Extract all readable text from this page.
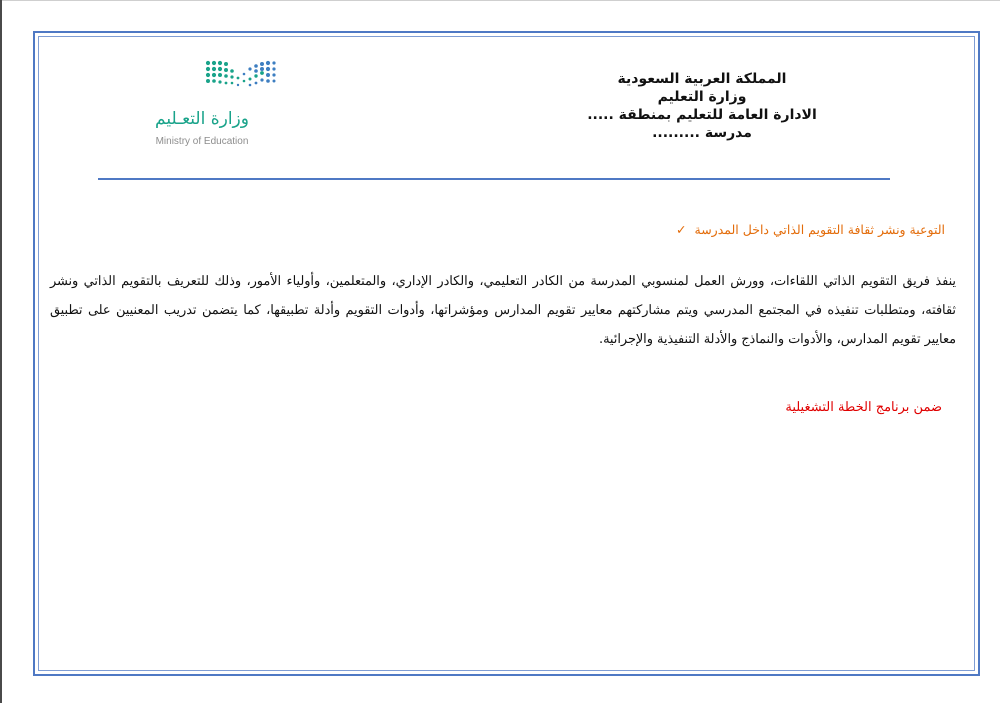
المملكة العربية السعودية
وزارة التعليم
الادارة العامة للتعليم بمنطقة .....
مدرسة .........
وزارة التعـليم
Ministry of Education
التوعية ونشر ثقافة التقويم الذاتي داخل المدرسة ✓
ينفذ فريق التقويم الذاتي اللقاءات، وورش العمل لمنسوبي المدرسة من الكادر التعليمي، والكادر الإداري، والمتعلمين، وأولياء الأمور، وذلك للتعريف بالتقويم الذاتي ونشر ثقافته، ومتطلبات تنفيذه في المجتمع المدرسي ويتم مشاركتهم معايير تقويم المدارس ومؤشراتها، وأدوات التقويم وأدلة تطبيقها، كما يتضمن تدريب المعنيين على تطبيق معايير تقويم المدارس، والأدوات والنماذج والأدلة التنفيذية والإجرائية.
ضمن برنامج الخطة التشغيلية
